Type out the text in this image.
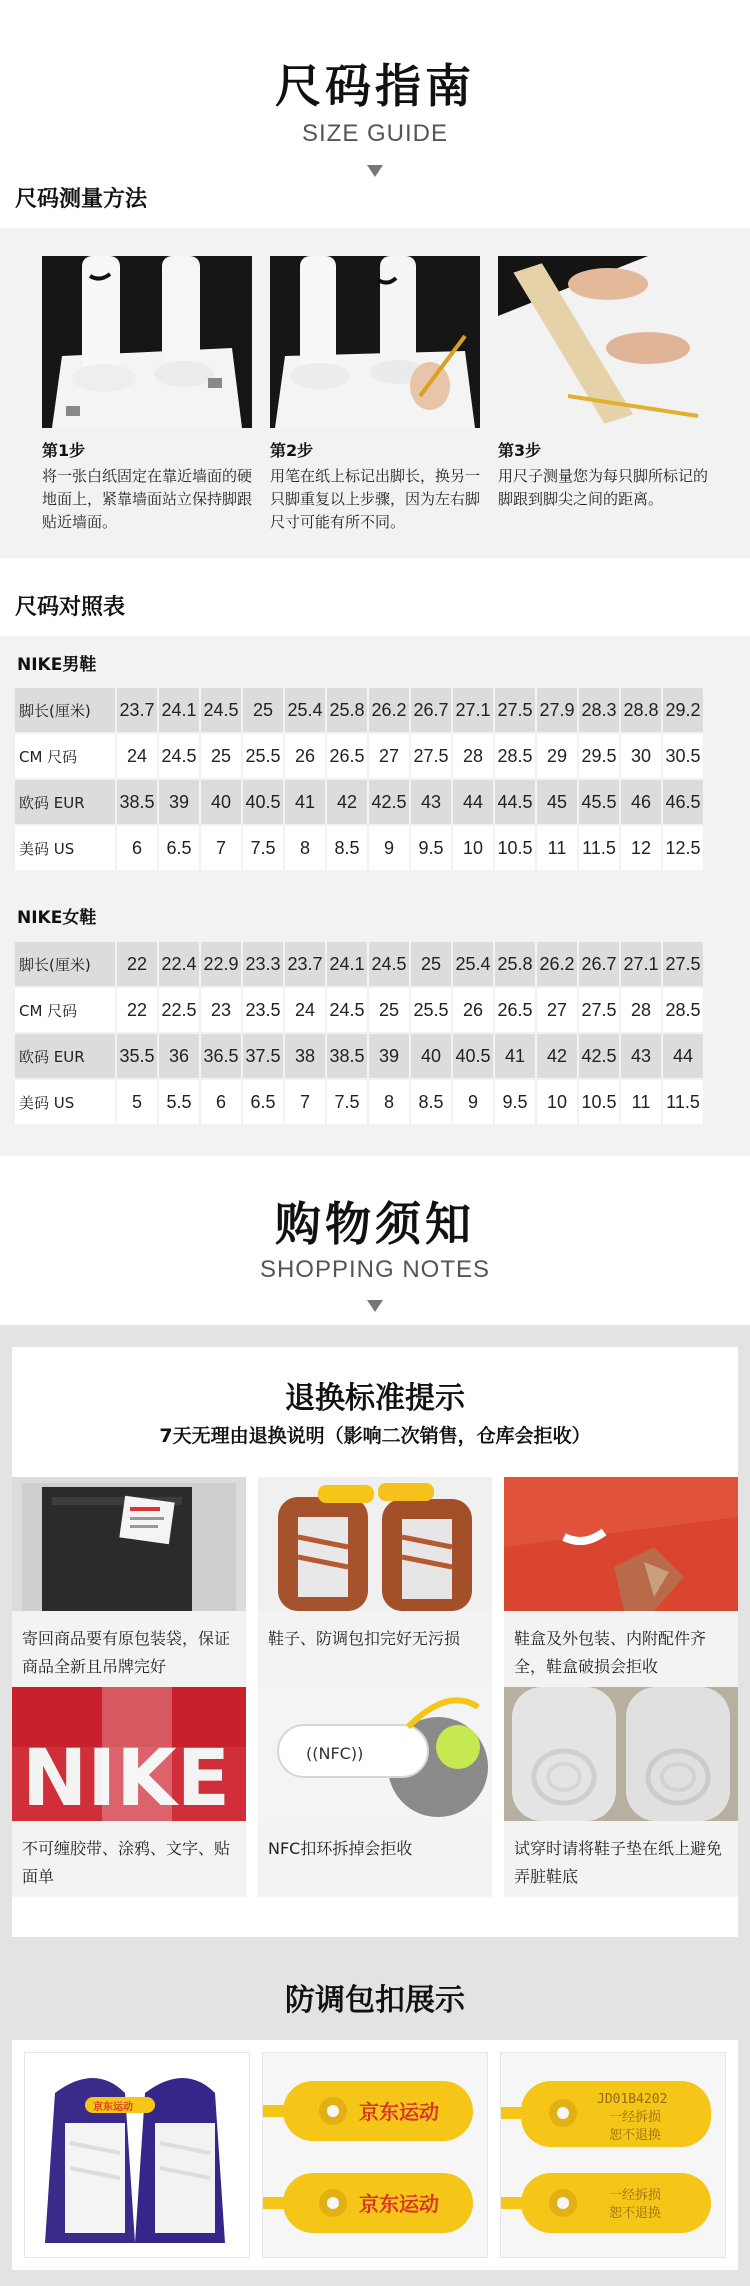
尺码指南
SIZE GUIDE
尺码测量方法
第1步
将一张白纸固定在靠近墙面的硬地面上，紧靠墙面站立保持脚跟贴近墙面。
第2步
用笔在纸上标记出脚长，换另一只脚重复以上步骤，因为左右脚尺寸可能有所不同。
第3步
用尺子测量您为每只脚所标记的脚跟到脚尖之间的距离。
尺码对照表
NIKE男鞋
脚长(厘米)	23.7	24.1	24.5	25	25.4	25.8	26.2	26.7	27.1	27.5	27.9	28.3	28.8	29.2
CM 尺码	24	24.5	25	25.5	26	26.5	27	27.5	28	28.5	29	29.5	30	30.5
欧码 EUR	38.5	39	40	40.5	41	42	42.5	43	44	44.5	45	45.5	46	46.5
美码 US	6	6.5	7	7.5	8	8.5	9	9.5	10	10.5	11	11.5	12	12.5
NIKE女鞋
脚长(厘米)	22	22.4	22.9	23.3	23.7	24.1	24.5	25	25.4	25.8	26.2	26.7	27.1	27.5
CM 尺码	22	22.5	23	23.5	24	24.5	25	25.5	26	26.5	27	27.5	28	28.5
欧码 EUR	35.5	36	36.5	37.5	38	38.5	39	40	40.5	41	42	42.5	43	44
美码 US	5	5.5	6	6.5	7	7.5	8	8.5	9	9.5	10	10.5	11	11.5
购物须知
SHOPPING NOTES
退换标准提示
7天无理由退换说明（影响二次销售，仓库会拒收）
寄回商品要有原包装袋，保证商品全新且吊牌完好
鞋子、防调包扣完好无污损	鞋盒及外包装、内附配件齐全，鞋盒破损会拒收
NIKE
不可缠胶带、涂鸦、文字、贴面单
((NFC))
NFC扣环拆掉会拒收	试穿时请将鞋子垫在纸上避免弄脏鞋底
防调包扣展示
京东运动	京东运动
京东运动
JD01B4202
一经拆损
恕不退换
一经拆损
恕不退换
